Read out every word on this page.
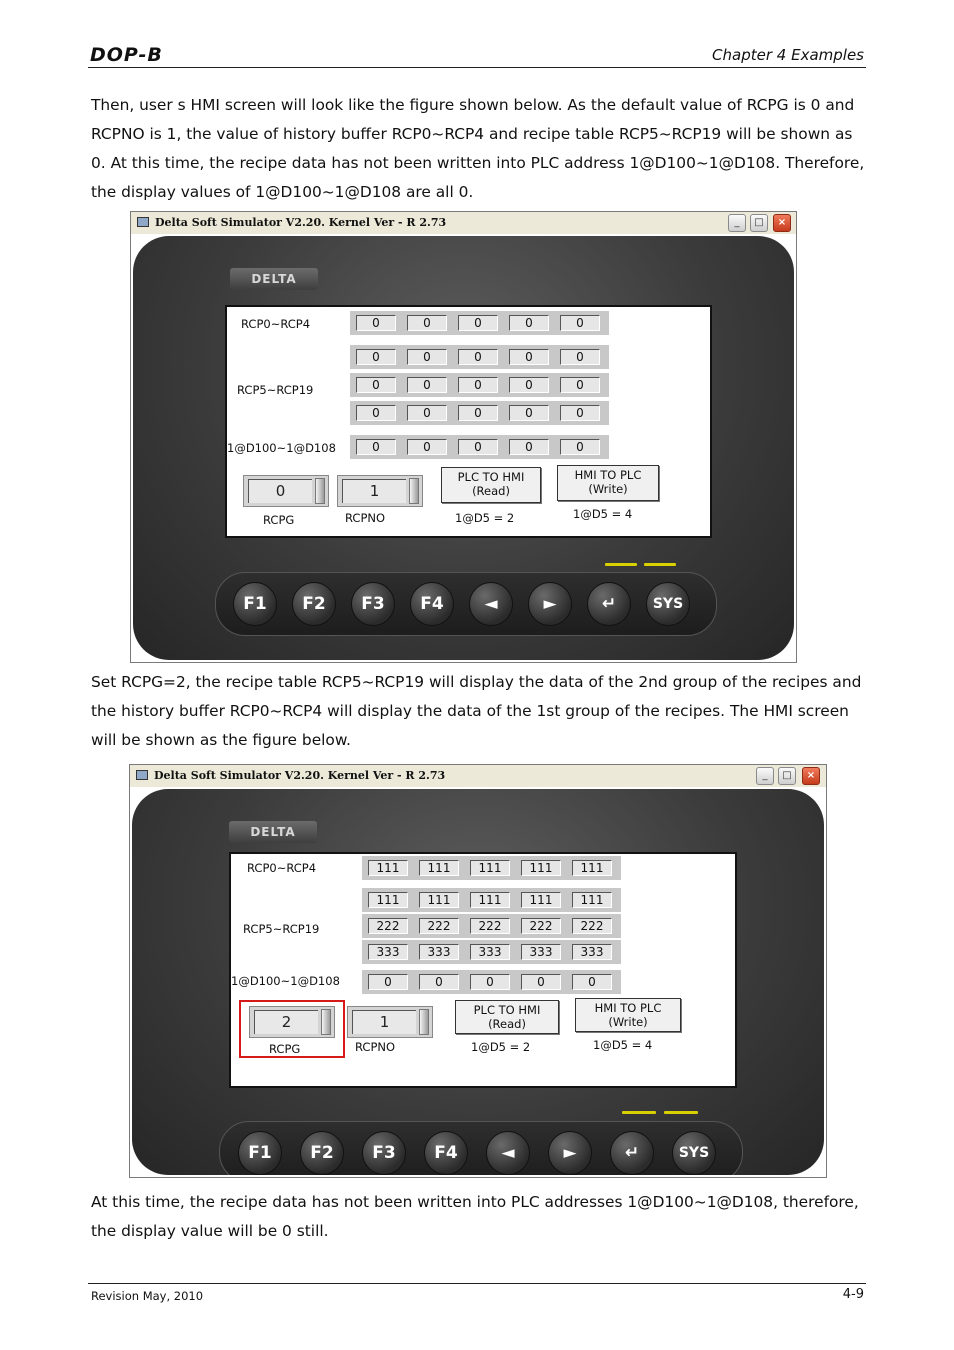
DOP-B	Chapter 4 Examples

Then, user s HMI screen will look like the figure shown below. As the default value of RCPG is 0 and RCPNO is 1, the value of history buffer RCP0~RCP4 and recipe table RCP5~RCP19 will be shown as 0. At this time, the recipe data has not been written into PLC address 1@D100~1@D108. Therefore, the display values of 1@D100~1@D108 are all 0.

Delta Soft Simulator V2.20. Kernel Ver - R 2.73	_	□	×
DELTA
RCP0~RCP4
RCP5~RCP19
1@D100~1@D108
0	1
RCPG	RCPNO
PLC TO HMI
(Read)
HMI TO PLC
(Write)
1@D5 = 2	1@D5 = 4
0	0	0	0	0
0	0	0	0	0
0	0	0	0	0
0	0	0	0	0
0	0	0	0	0
F1	F2	F3	F4	◄	►	↵	SYS

Set RCPG=2, the recipe table RCP5~RCP19 will display the data of the 2nd group of the recipes and the history buffer RCP0~RCP4 will display the data of the 1st group of the recipes. The HMI screen will be shown as the figure below.

Delta Soft Simulator V2.20. Kernel Ver - R 2.73	_	□	×
DELTA
RCP0~RCP4
RCP5~RCP19
1@D100~1@D108
2	1
RCPG	RCPNO
PLC TO HMI
(Read)
HMI TO PLC
(Write)
1@D5 = 2	1@D5 = 4
111	111	111	111	111
111	111	111	111	111
222	222	222	222	222
333	333	333	333	333
0	0	0	0	0
F1	F2	F3	F4	◄	►	↵	SYS

At this time, the recipe data has not been written into PLC addresses 1@D100~1@D108, therefore, the display value will be 0 still.

Revision May, 2010	4-9
